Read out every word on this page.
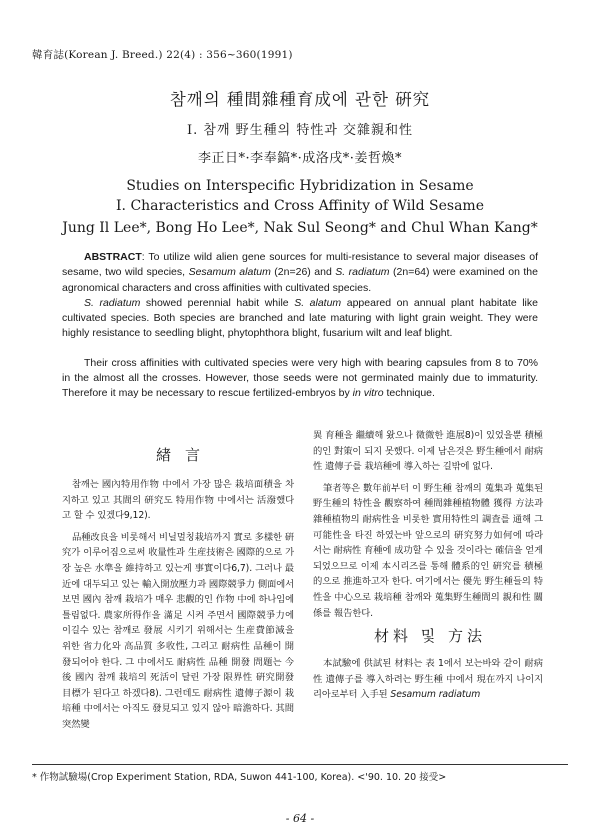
韓育誌(Korean J. Breed.) 22(4) : 356∼360(1991)
참깨의 種間雜種育成에 관한 硏究
Ⅰ. 참깨 野生種의 特性과 交雜親和性
李正日*·李奉鎬*·成洛戌*·姜哲煥*
Studies on Interspecific Hybridization in Sesame
I. Characteristics and Cross Affinity of Wild Sesame
Jung Il Lee*, Bong Ho Lee*, Nak Sul Seong* and Chul Whan Kang*

ABSTRACT: To utilize wild alien gene sources for multi-resistance to several major diseases of sesame, two wild species, Sesamum alatum (2n=26) and S. radiatum (2n=64) were examined on the agronomical characters and cross affinities with cultivated species.

S. radiatum showed perennial habit while S. alatum appeared on annual plant habitate like cultivated species. Both species are branched and late maturing with light grain weight. They were highly resistance to seedling blight, phytophthora blight, fusarium wilt and leaf blight.

Their cross affinities with cultivated species were very high with bearing capsules from 8 to 70% in the almost all the crosses. However, those seeds were not germinated mainly due to immaturity. Therefore it may be necessary to rescue fertilized-embryos by in vitro technique.

緖言

참깨는 國內特用作物 中에서 가장 많은 栽培面積을 차지하고 있고 其間의 硏究도 特用作物 中에서는 活潑했다고 할 수 있겠다9,12).

品種改良을 비롯해서 비닐멀칭栽培까지 實로 多樣한 硏究가 이루어짐으로써 收量性과 生産技術은 國際的으로 가장 높은 水準을 維持하고 있는게 事實이다6,7). 그러나 最近에 대두되고 있는 輸入開放壓力과 國際競爭力 側面에서 보면 國內 참깨 栽培가 매우 悲觀的인 作物 中에 하나임에 틀림없다. 農家所得作을 滿足 시켜 주면서 國際競爭力에 이길수 있는 참깨로 發展 시키기 위해서는 生産費節減을 위한 省力化와 高品質 多收性, 그리고 耐病性 品種이 開發되어야 한다. 그 中에서도 耐病性 品種 開發 問題는 今後 國內 참깨 栽培의 死活이 달린 가장 限界性 硏究開發 目標가 된다고 하겠다8). 그런데도 耐病性 遺傳子源이 栽培種 中에서는 아직도 發見되고 있지 않아 暗澹하다. 其間 突然變

異 育種을 繼續해 왔으나 微微한 進展8)이 있었을뿐 積極的인 對策이 되지 못했다. 이제 남은것은 野生種에서 耐病性 遺傳子를 栽培種에 導入하는 길밖에 없다.

筆者等은 數年前부터 이 野生種 참깨의 蒐集과 蒐集된 野生種의 特性을 觀察하여 種間雜種植物體 獲得 方法과 雜種植物의 耐病性을 비롯한 實用特性의 調査를 通해 그 可能性을 타진 하였는바 앞으로의 硏究努力如何에 따라서는 耐病性 育種에 成功할 수 있을 것이라는 確信을 얻게 되었으므로 이제 本시리즈를 통해 體系的인 硏究를 積極的으로 推進하고자 한다. 여기에서는 優先 野生種들의 特性을 中心으로 栽培種 참깨와 蒐集野生種間의 親和性 關係를 報告한다.

材料 및 方法

本試驗에 供試된 材料는 表 1에서 보는바와 같이 耐病性 遺傳子를 導入하려는 野生種 中에서 現在까지 나이지리아로부터 入手된 Sesamum radiatum

* 作物試驗場(Crop Experiment Station, RDA, Suwon 441-100, Korea). <'90. 10. 20 接受>
- 64 -
